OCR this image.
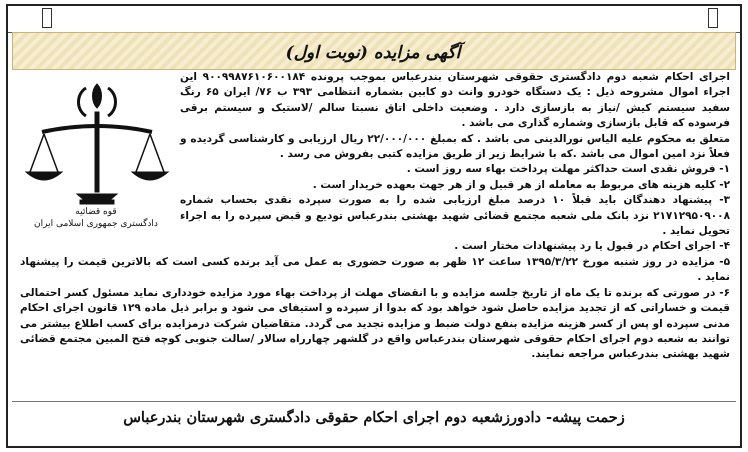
آگهی مزایده (نوبت اول)
قوه قضائیه
دادگستری جمهوری اسلامی ایران

اجرای احکام شعبه دوم دادگستری حقوقی شهرستان بندرعباس بموجب پرونده ۹۰۰۹۹۸۷۶۱۰۶۰۰۱۸۴ این اجراء اموال مشروحه ذیل : یک دستگاه خودرو وانت دو کابین بشماره انتظامی ۳۹۳ ب ۷۶/ ایران ۶۵ رنگ سفید سیستم کیش /نیاز به بازسازی دارد . وضعیت داخلی اتاق نسبتا سالم /لاستیک و سیستم برقی فرسوده که قابل بازسازی وشماره گذاری می باشد .

متعلق به محکوم علیه الیاس نورالدینی می باشد . که بمبلغ ۲۲/۰۰۰/۰۰۰ ریال ارزیابی و کارشناسی گردیده و فعلاً نزد امین اموال می باشد .که با شرایط زیر از طریق مزایده کتبی بفروش می رسد .

۱- فروش نقدی است حداکثر مهلت پرداخت بهاء سه روز است .

۲- کلیه هزینه های مربوط به معامله از هر قبیل و از هر جهت بعهده خریدار است .

۳- پیشنهاد دهندگان باید قبلاً ۱۰ درصد مبلغ ارزیابی شده را به صورت سپرده نقدی بحساب شماره ۲۱۷۱۲۹۵۰۹۰۰۸ نزد بانک ملی شعبه مجتمع قضائی شهید بهشتی بندرعباس تودیع و قبض سپرده را به اجراء تحویل نماید .

۴- اجرای احکام در قبول یا رد پیشنهادات مختار است .

۵- مزایده در روز شنبه مورخ ۱۳۹۵/۳/۲۲ ساعت ۱۲ ظهر به صورت حضوری به عمل می آید برنده کسی است که بالاترین قیمت را پیشنهاد نماید .

۶- در صورتی که برنده تا یک ماه از تاریخ جلسه مزایده و با انقضای مهلت از پرداخت بهاء مورد مزایده خودداری نماید مسئول کسر احتمالی قیمت و خساراتی که از تجدید مزایده حاصل شود خواهد بود که بدوا از سپرده و استیفای می شود و برابر ذیل ماده ۱۲۹ قانون اجرای احکام مدنی سپرده او پس از کسر هزینه مزایده بنفع دولت ضبط و مزایده تجدید می گردد. متقاضیان شرکت درمزایده برای کسب اطلاع بیشتر می توانند به شعبه دوم اجرای احکام حقوقی شهرستان بندرعباس واقع در گلشهر چهارراه سالار /سالت جنوبی کوچه فتح المبین مجتمع قضائی شهید بهشتی بندرعباس مراجعه نمایند.

زحمت پیشه- دادورزشعبه دوم اجرای احکام حقوقی دادگستری شهرستان بندرعباس
